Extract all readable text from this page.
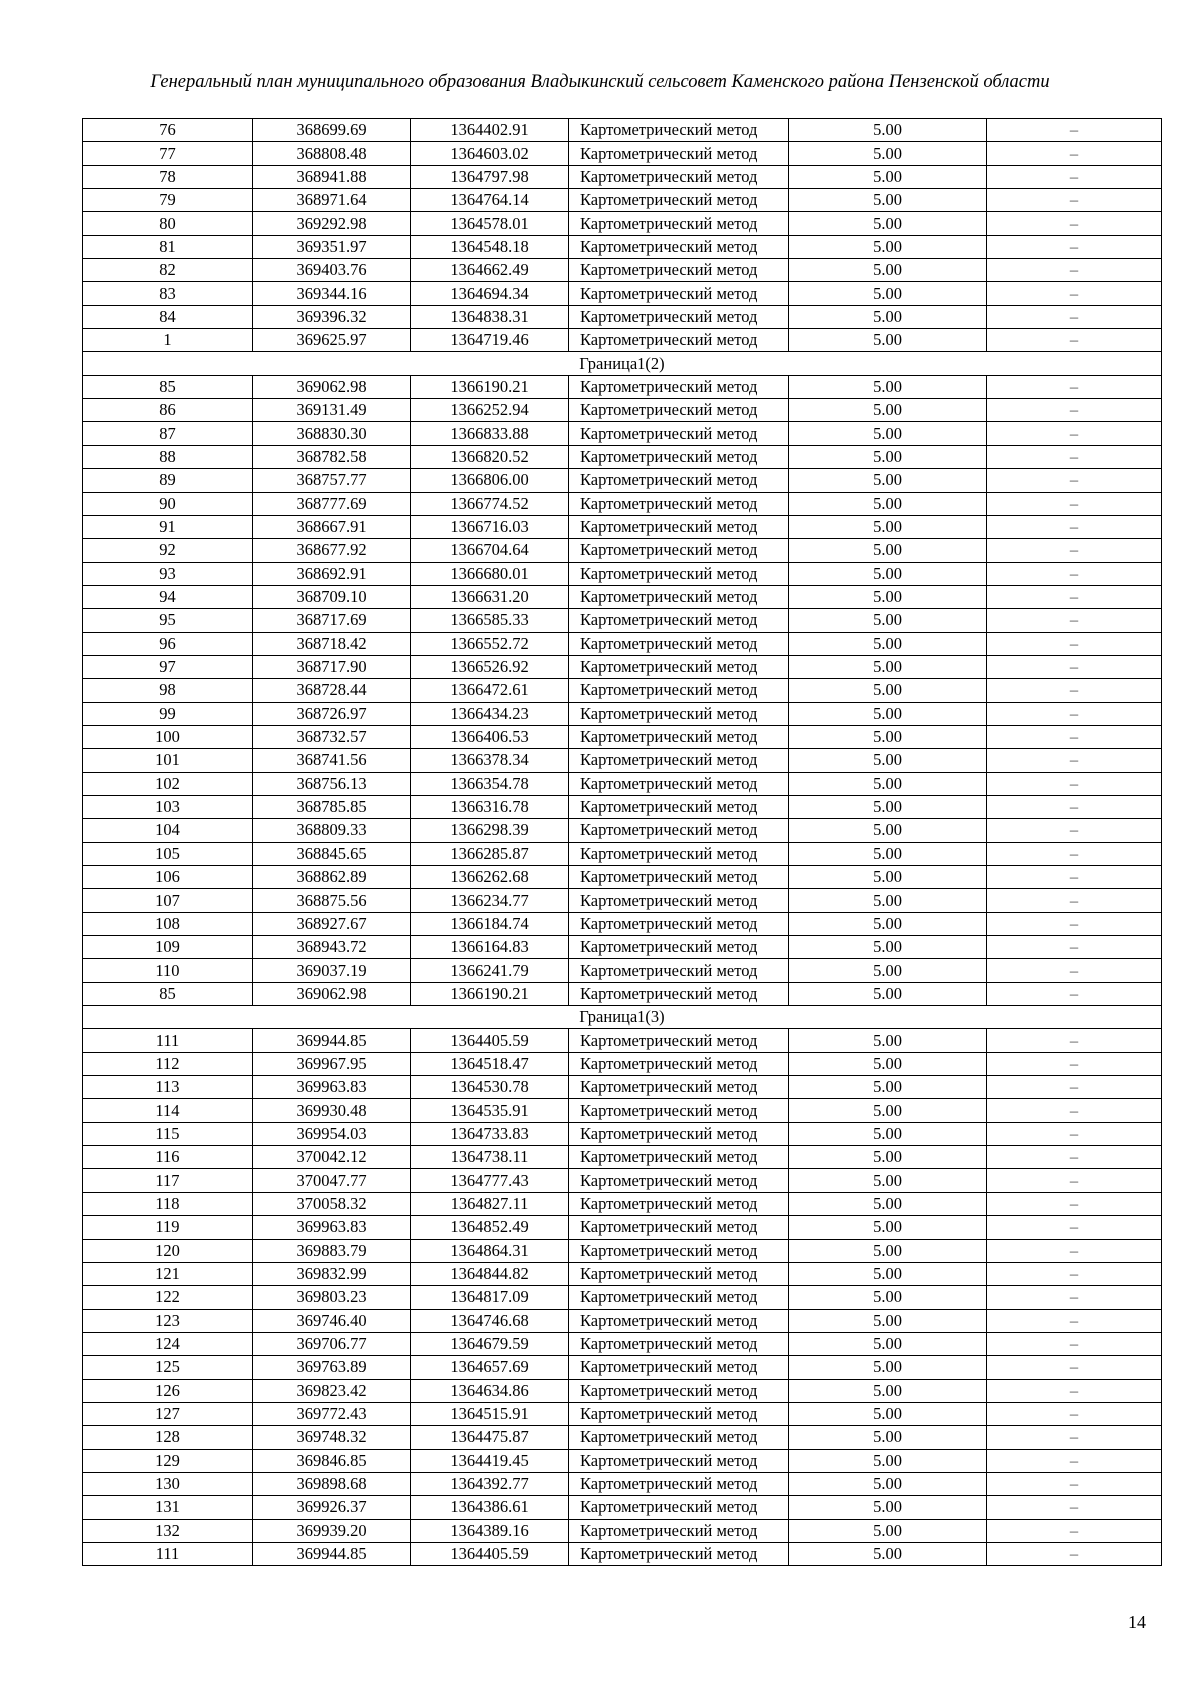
Генеральный план муниципального образования Владыкинский сельсовет Каменского района Пензенской области
76	368699.69	1364402.91	Картометрический метод	5.00	–
77	368808.48	1364603.02	Картометрический метод	5.00	–
78	368941.88	1364797.98	Картометрический метод	5.00	–
79	368971.64	1364764.14	Картометрический метод	5.00	–
80	369292.98	1364578.01	Картометрический метод	5.00	–
81	369351.97	1364548.18	Картометрический метод	5.00	–
82	369403.76	1364662.49	Картометрический метод	5.00	–
83	369344.16	1364694.34	Картометрический метод	5.00	–
84	369396.32	1364838.31	Картометрический метод	5.00	–
1	369625.97	1364719.46	Картометрический метод	5.00	–
Граница1(2)					
85	369062.98	1366190.21	Картометрический метод	5.00	–
86	369131.49	1366252.94	Картометрический метод	5.00	–
87	368830.30	1366833.88	Картометрический метод	5.00	–
88	368782.58	1366820.52	Картометрический метод	5.00	–
89	368757.77	1366806.00	Картометрический метод	5.00	–
90	368777.69	1366774.52	Картометрический метод	5.00	–
91	368667.91	1366716.03	Картометрический метод	5.00	–
92	368677.92	1366704.64	Картометрический метод	5.00	–
93	368692.91	1366680.01	Картометрический метод	5.00	–
94	368709.10	1366631.20	Картометрический метод	5.00	–
95	368717.69	1366585.33	Картометрический метод	5.00	–
96	368718.42	1366552.72	Картометрический метод	5.00	–
97	368717.90	1366526.92	Картометрический метод	5.00	–
98	368728.44	1366472.61	Картометрический метод	5.00	–
99	368726.97	1366434.23	Картометрический метод	5.00	–
100	368732.57	1366406.53	Картометрический метод	5.00	–
101	368741.56	1366378.34	Картометрический метод	5.00	–
102	368756.13	1366354.78	Картометрический метод	5.00	–
103	368785.85	1366316.78	Картометрический метод	5.00	–
104	368809.33	1366298.39	Картометрический метод	5.00	–
105	368845.65	1366285.87	Картометрический метод	5.00	–
106	368862.89	1366262.68	Картометрический метод	5.00	–
107	368875.56	1366234.77	Картометрический метод	5.00	–
108	368927.67	1366184.74	Картометрический метод	5.00	–
109	368943.72	1366164.83	Картометрический метод	5.00	–
110	369037.19	1366241.79	Картометрический метод	5.00	–
85	369062.98	1366190.21	Картометрический метод	5.00	–
Граница1(3)					
111	369944.85	1364405.59	Картометрический метод	5.00	–
112	369967.95	1364518.47	Картометрический метод	5.00	–
113	369963.83	1364530.78	Картометрический метод	5.00	–
114	369930.48	1364535.91	Картометрический метод	5.00	–
115	369954.03	1364733.83	Картометрический метод	5.00	–
116	370042.12	1364738.11	Картометрический метод	5.00	–
117	370047.77	1364777.43	Картометрический метод	5.00	–
118	370058.32	1364827.11	Картометрический метод	5.00	–
119	369963.83	1364852.49	Картометрический метод	5.00	–
120	369883.79	1364864.31	Картометрический метод	5.00	–
121	369832.99	1364844.82	Картометрический метод	5.00	–
122	369803.23	1364817.09	Картометрический метод	5.00	–
123	369746.40	1364746.68	Картометрический метод	5.00	–
124	369706.77	1364679.59	Картометрический метод	5.00	–
125	369763.89	1364657.69	Картометрический метод	5.00	–
126	369823.42	1364634.86	Картометрический метод	5.00	–
127	369772.43	1364515.91	Картометрический метод	5.00	–
128	369748.32	1364475.87	Картометрический метод	5.00	–
129	369846.85	1364419.45	Картометрический метод	5.00	–
130	369898.68	1364392.77	Картометрический метод	5.00	–
131	369926.37	1364386.61	Картометрический метод	5.00	–
132	369939.20	1364389.16	Картометрический метод	5.00	–
111	369944.85	1364405.59	Картометрический метод	5.00	–
14
